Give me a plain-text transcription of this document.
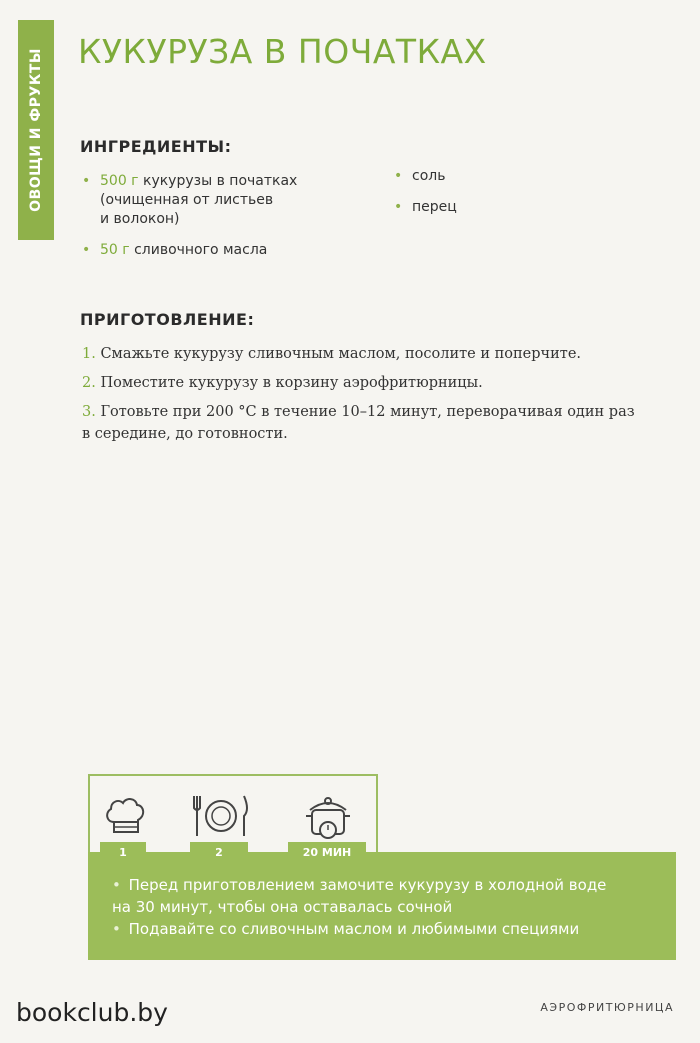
ОВОЩИ И ФРУКТЫ КУКУРУЗА В ПОЧАТКАХ
ИНГРЕДИЕНТЫ:
• 500 г кукурузы в початках
(очищенная от листьев
и волокон)
• 50 г сливочного масла
• соль
• перец
ПРИГОТОВЛЕНИЕ:
1. Смажьте кукурузу сливочным маслом, посолите и поперчите.
2. Поместите кукурузу в корзину аэрофритюрницы.
3. Готовьте при 200 °С в течение 10–12 минут, переворачивая один раз
в середине, до готовности.
1	2	20 МИН
• Перед приготовлением замочите кукурузу в холодной воде
на 30 минут, чтобы она оставалась сочной
• Подавайте со сливочным маслом и любимыми специями
bookclub.by	АЭРОФРИТЮРНИЦА
